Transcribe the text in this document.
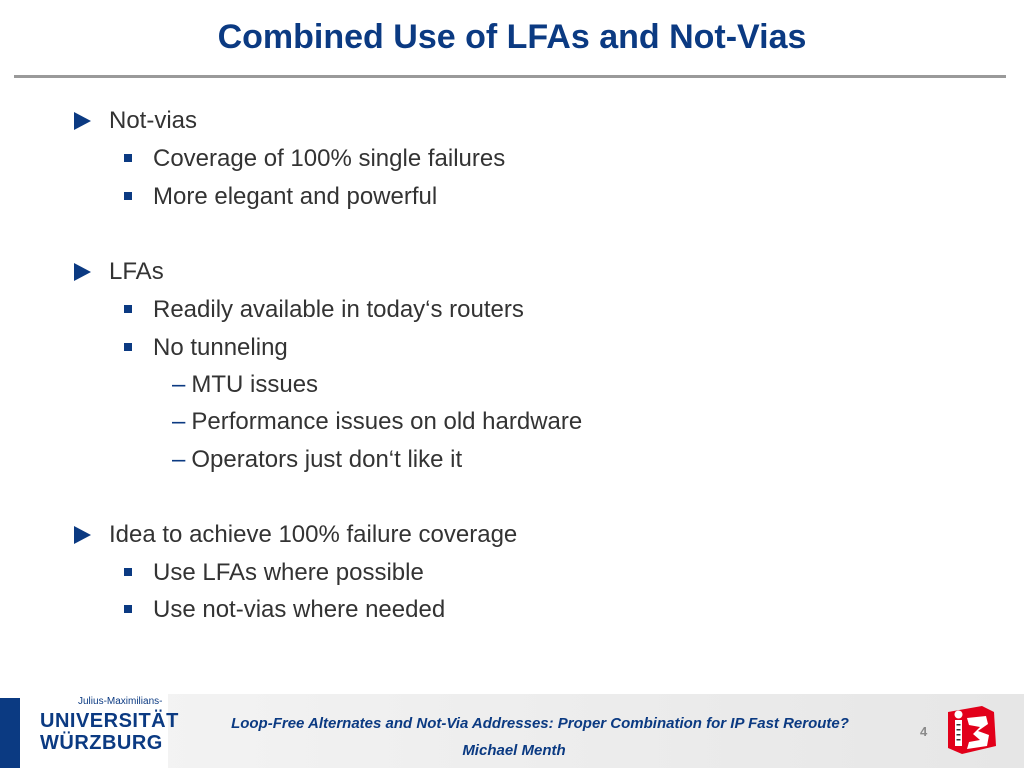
Combined Use of LFAs and Not-Vias
Not-vias
Coverage of 100% single failures
More elegant and powerful
LFAs
Readily available in today‘s routers
No tunneling
– MTU issues
– Performance issues on old hardware
– Operators just don‘t like it
Idea to achieve 100% failure coverage
Use LFAs where possible
Use not-vias where needed
Julius-Maximilians-
UNIVERSITÄT
WÜRZBURG
Loop-Free Alternates and Not-Via Addresses: Proper Combination for IP Fast Reroute?
Michael Menth
4
